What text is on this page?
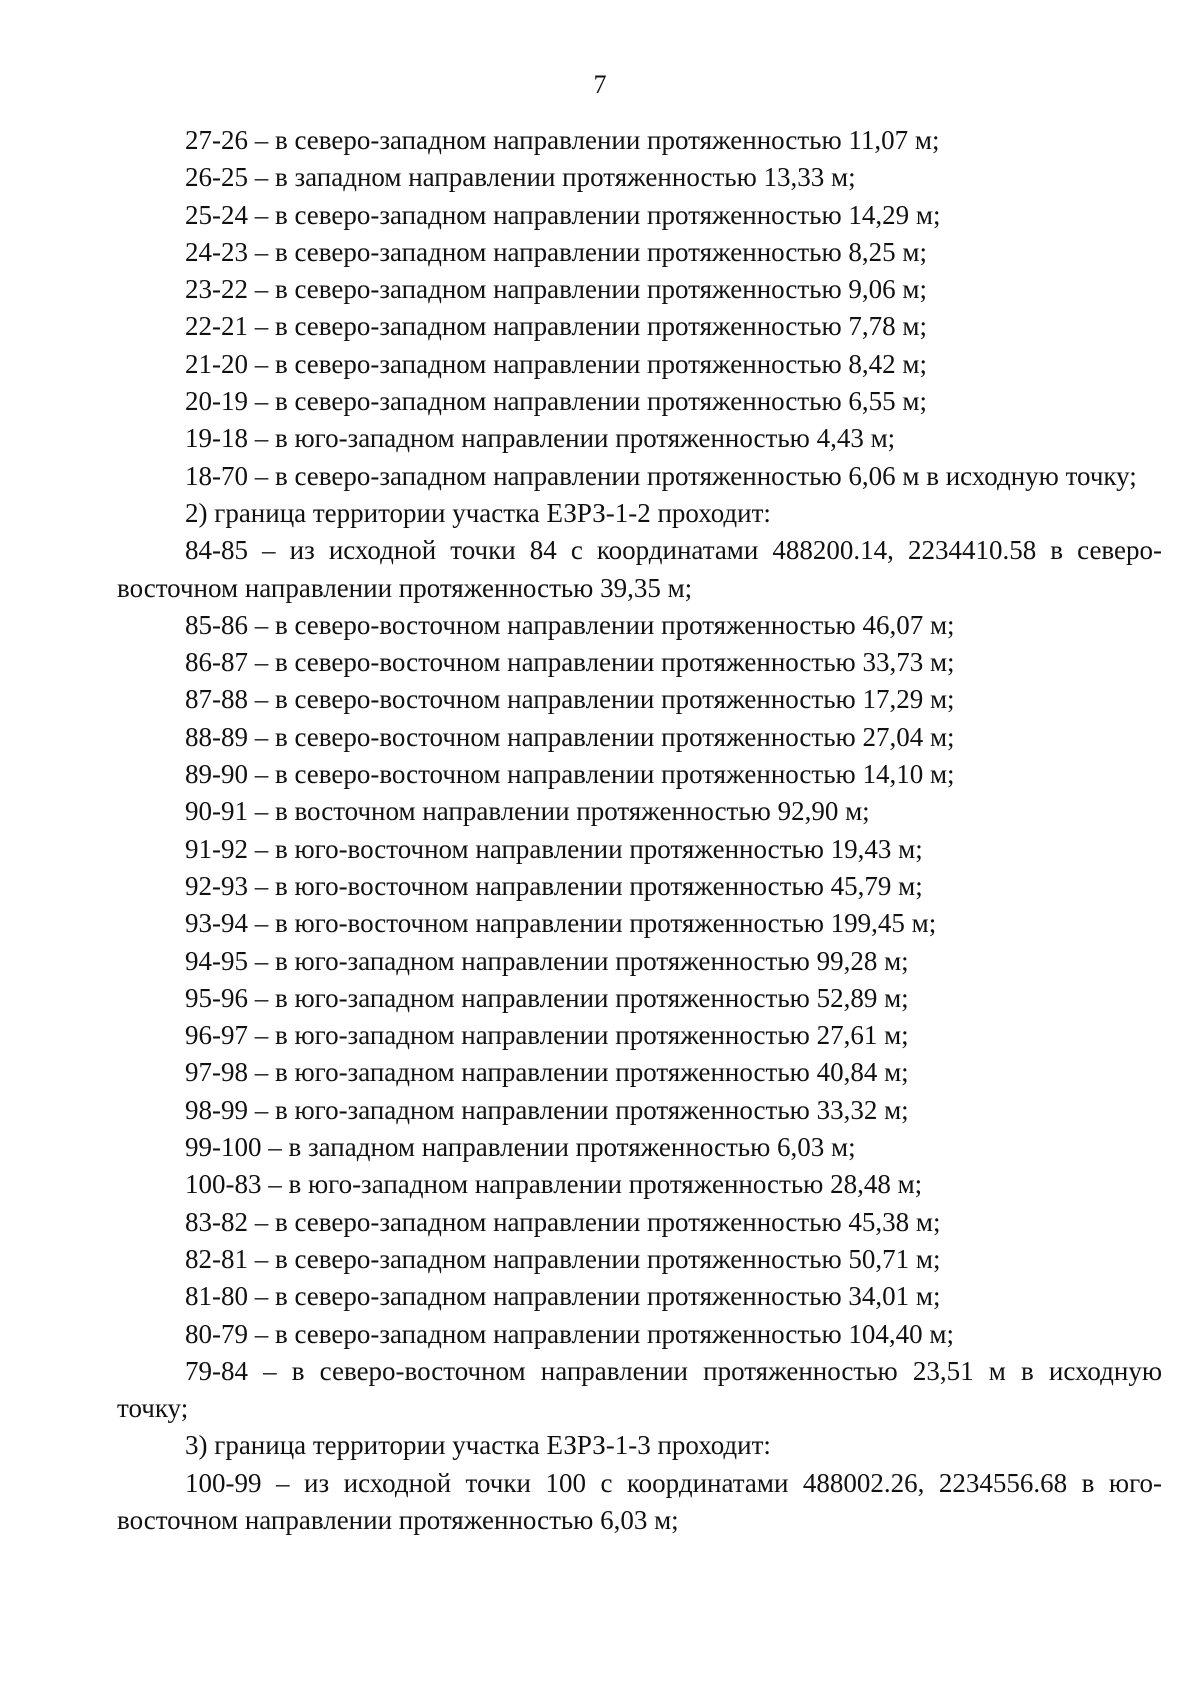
7

27-26 – в северо-западном направлении протяженностью 11,07 м;

26-25 – в западном направлении протяженностью 13,33 м;

25-24 – в северо-западном направлении протяженностью 14,29 м;

24-23 – в северо-западном направлении протяженностью 8,25 м;

23-22 – в северо-западном направлении протяженностью 9,06 м;

22-21 – в северо-западном направлении протяженностью 7,78 м;

21-20 – в северо-западном направлении протяженностью 8,42 м;

20-19 – в северо-западном направлении протяженностью 6,55 м;

19-18 – в юго-западном направлении протяженностью 4,43 м;

18-70 – в северо-западном направлении протяженностью 6,06 м в исходную точку;

2) граница территории участка ЕЗРЗ-1-2 проходит:

84-85 – из исходной точки 84 с координатами 488200.14, 2234410.58 в северо-восточном направлении протяженностью 39,35 м;

85-86 – в северо-восточном направлении протяженностью 46,07 м;

86-87 – в северо-восточном направлении протяженностью 33,73 м;

87-88 – в северо-восточном направлении протяженностью 17,29 м;

88-89 – в северо-восточном направлении протяженностью 27,04 м;

89-90 – в северо-восточном направлении протяженностью 14,10 м;

90-91 – в восточном направлении протяженностью 92,90 м;

91-92 – в юго-восточном направлении протяженностью 19,43 м;

92-93 – в юго-восточном направлении протяженностью 45,79 м;

93-94 – в юго-восточном направлении протяженностью 199,45 м;

94-95 – в юго-западном направлении протяженностью 99,28 м;

95-96 – в юго-западном направлении протяженностью 52,89 м;

96-97 – в юго-западном направлении протяженностью 27,61 м;

97-98 – в юго-западном направлении протяженностью 40,84 м;

98-99 – в юго-западном направлении протяженностью 33,32 м;

99-100 – в западном направлении протяженностью 6,03 м;

100-83 – в юго-западном направлении протяженностью 28,48 м;

83-82 – в северо-западном направлении протяженностью 45,38 м;

82-81 – в северо-западном направлении протяженностью 50,71 м;

81-80 – в северо-западном направлении протяженностью 34,01 м;

80-79 – в северо-западном направлении протяженностью 104,40 м;

79-84 – в северо-восточном направлении протяженностью 23,51 м в исходную точку;

3) граница территории участка ЕЗРЗ-1-3 проходит:

100-99 – из исходной точки 100 с координатами 488002.26, 2234556.68 в юго-восточном направлении протяженностью 6,03 м;
